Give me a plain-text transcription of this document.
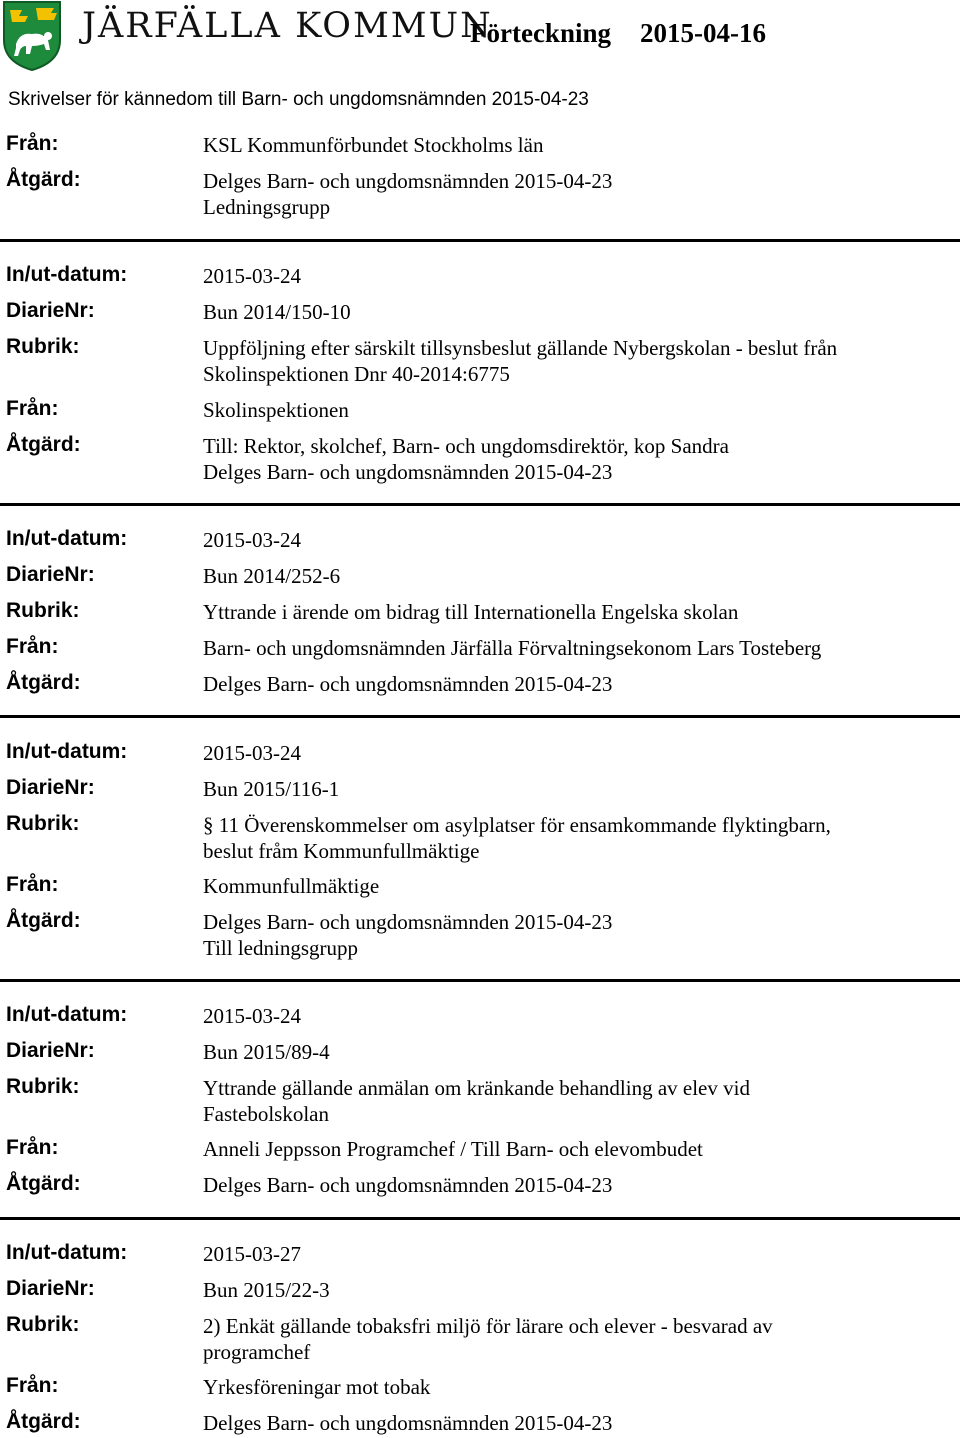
JÄRFÄLLA KOMMUN
Förteckning 2015-04-16
Skrivelser för kännedom till Barn- och ungdomsnämnden 2015-04-23
Från:	KSL Kommunförbundet Stockholms län
Åtgärd:	Delges Barn- och ungdomsnämnden 2015-04-23
Ledningsgrupp
In/ut-datum:	2015-03-24
DiarieNr:	Bun 2014/150-10
Rubrik:	Uppföljning efter särskilt tillsynsbeslut gällande Nybergskolan - beslut från
Skolinspektionen Dnr 40-2014:6775
Från:	Skolinspektionen
Åtgärd:	Till: Rektor, skolchef, Barn- och ungdomsdirektör, kop Sandra
Delges Barn- och ungdomsnämnden 2015-04-23
In/ut-datum:	2015-03-24
DiarieNr:	Bun 2014/252-6
Rubrik:	Yttrande i ärende om bidrag till Internationella Engelska skolan
Från:	Barn- och ungdomsnämnden Järfälla Förvaltningsekonom Lars Tosteberg
Åtgärd:	Delges Barn- och ungdomsnämnden 2015-04-23
In/ut-datum:	2015-03-24
DiarieNr:	Bun 2015/116-1
Rubrik:	§ 11 Överenskommelser om asylplatser för ensamkommande flyktingbarn,
beslut fråm Kommunfullmäktige
Från:	Kommunfullmäktige
Åtgärd:	Delges Barn- och ungdomsnämnden 2015-04-23
Till ledningsgrupp
In/ut-datum:	2015-03-24
DiarieNr:	Bun 2015/89-4
Rubrik:	Yttrande gällande anmälan om kränkande behandling av elev vid
Fastebolskolan
Från:	Anneli Jeppsson Programchef / Till Barn- och elevombudet
Åtgärd:	Delges Barn- och ungdomsnämnden 2015-04-23
In/ut-datum:	2015-03-27
DiarieNr:	Bun 2015/22-3
Rubrik:	2) Enkät gällande tobaksfri miljö för lärare och elever - besvarad av
programchef
Från:	Yrkesföreningar mot tobak
Åtgärd:	Delges Barn- och ungdomsnämnden 2015-04-23
